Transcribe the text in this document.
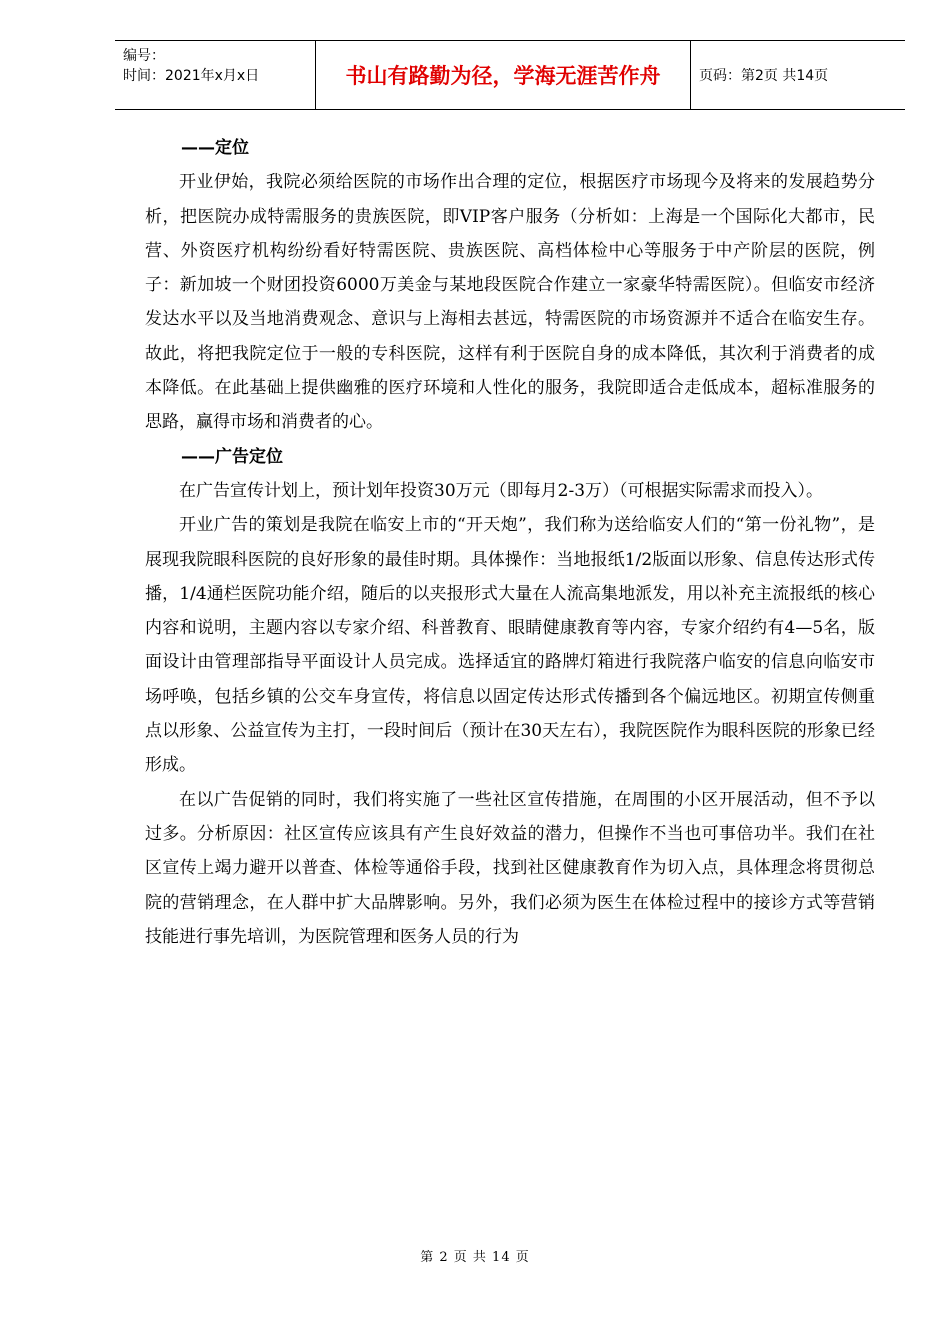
编号：
时间：2021年x月x日	书山有路勤为径，学海无涯苦作舟	页码：第2页 共14页

——定位

开业伊始，我院必须给医院的市场作出合理的定位，根据医疗市场现今及将来的发展趋势分析，把医院办成特需服务的贵族医院，即VIP客户服务（分析如：上海是一个国际化大都市，民营、外资医疗机构纷纷看好特需医院、贵族医院、高档体检中心等服务于中产阶层的医院，例子：新加坡一个财团投资6000万美金与某地段医院合作建立一家豪华特需医院）。但临安市经济发达水平以及当地消费观念、意识与上海相去甚远，特需医院的市场资源并不适合在临安生存。故此，将把我院定位于一般的专科医院，这样有利于医院自身的成本降低，其次利于消费者的成本降低。在此基础上提供幽雅的医疗环境和人性化的服务，我院即适合走低成本，超标准服务的思路，赢得市场和消费者的心。

——广告定位

在广告宣传计划上，预计划年投资30万元（即每月2-3万）（可根据实际需求而投入）。

开业广告的策划是我院在临安上市的“开天炮”，我们称为送给临安人们的“第一份礼物”，是展现我院眼科医院的良好形象的最佳时期。具体操作：当地报纸1/2版面以形象、信息传达形式传播，1/4通栏医院功能介绍，随后的以夹报形式大量在人流高集地派发，用以补充主流报纸的核心内容和说明，主题内容以专家介绍、科普教育、眼睛健康教育等内容，专家介绍约有4—5名，版面设计由管理部指导平面设计人员完成。选择适宜的路牌灯箱进行我院落户临安的信息向临安市场呼唤，包括乡镇的公交车身宣传，将信息以固定传达形式传播到各个偏远地区。初期宣传侧重点以形象、公益宣传为主打，一段时间后（预计在30天左右），我院医院作为眼科医院的形象已经形成。

在以广告促销的同时，我们将实施了一些社区宣传措施，在周围的小区开展活动，但不予以过多。分析原因：社区宣传应该具有产生良好效益的潜力，但操作不当也可事倍功半。我们在社区宣传上竭力避开以普查、体检等通俗手段，找到社区健康教育作为切入点，具体理念将贯彻总院的营销理念，在人群中扩大品牌影响。另外，我们必须为医生在体检过程中的接诊方式等营销技能进行事先培训，为医院管理和医务人员的行为

第 2 页 共 14 页
